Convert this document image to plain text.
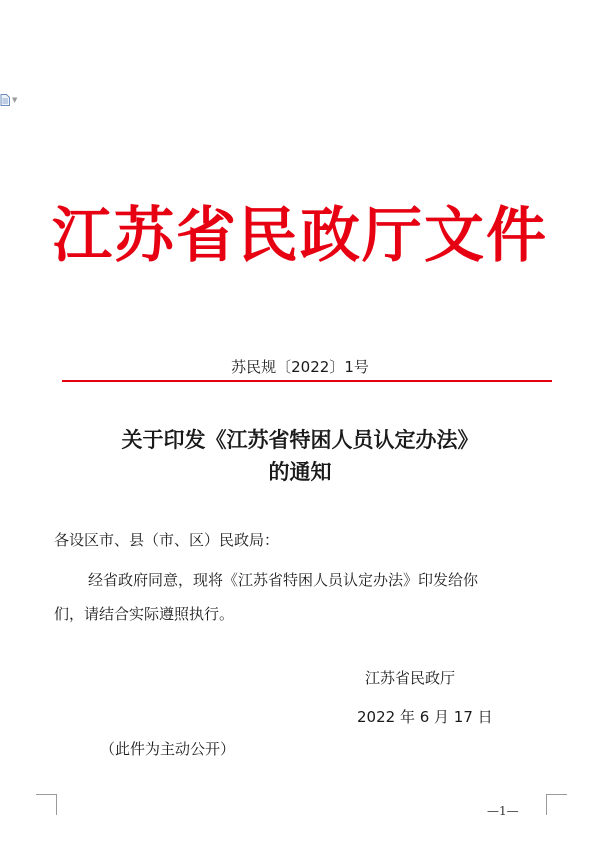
▼
江苏省民政厅文件
苏民规〔2022〕1号
关于印发《江苏省特困人员认定办法》
的通知
各设区市、县（市、区）民政局：
经省政府同意，现将《江苏省特困人员认定办法》印发给你
们，请结合实际遵照执行。
江苏省民政厅
2022 年 6 月 17 日
（此件为主动公开）
—1—
